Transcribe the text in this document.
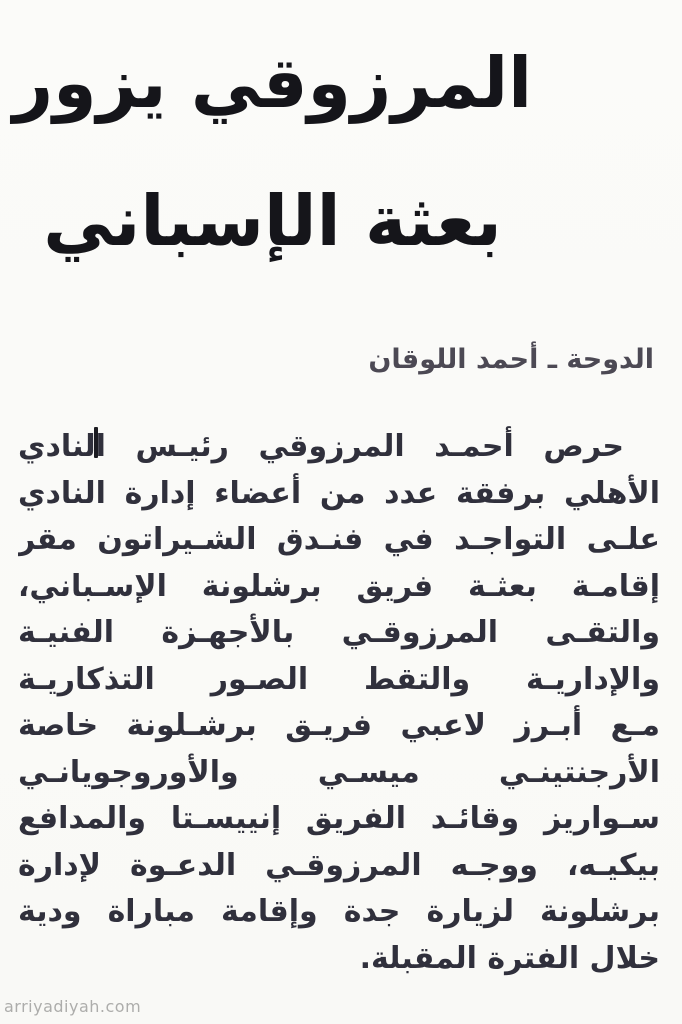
المرزوقي يزور
بعثة الإسباني
الدوحة ـ أحمد اللوقان
حرص أحمـد المرزوقي رئيـس النادي
الأهلي برفقة عدد من أعضاء إدارة النادي
علـى التواجـد في فنـدق الشـيراتون مقر
إقامـة بعثـة فريق برشلونة الإسـباني،
والتقـى المرزوقـي بالأجهـزة الفنيـة
والإداريـة والتقط الصـور التذكاريـة
مـع أبـرز لاعبي فريـق برشـلونة خاصة
الأرجنتينـي ميسـي والأوروجويانـي
سـواريز وقائـد الفريق إنييسـتا والمدافع
بيكيـه، ووجـه المرزوقـي الدعـوة لإدارة
برشلونة لزيارة جدة وإقامة مباراة ودية
خلال الفترة المقبلة.
arriyadiyah.com
